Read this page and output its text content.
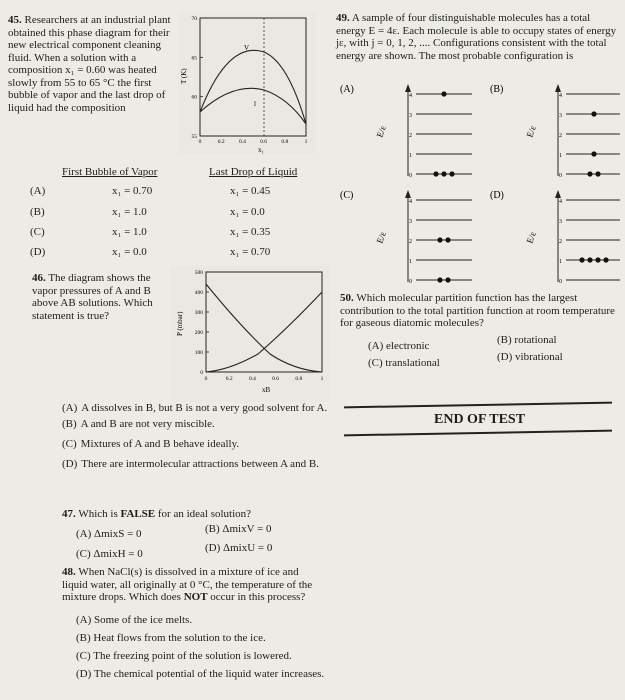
45. Researchers at an industrial plant obtained this phase diagram for their new electrical component cleaning fluid. When a solution with a composition x₁ = 0.60 was heated slowly from 55 to 65 °C the first bubble of vapor and the last drop of liquid had the composition
70
65
60
55
0	0.2	0.4	0.6	0.8	1
V
l
T (K)
x₁
First Bubble of Vapor	Last Drop of Liquid
(A)	x₁ = 0.70	x₁ = 0.45
(B)	x₁ = 1.0	x₁ = 0.0
(C)	x₁ = 1.0	x₁ = 0.35
(D)	x₁ = 0.0	x₁ = 0.70
46. The diagram shows the vapor pressures of A and B above AB solutions. Which statement is true?
500
400
300
200
100
0
0	0.2	0.4	0.6	0.8	1
P (mbar)
xΒ
(A) A dissolves in B, but B is not a very good solvent for A.
(B) A and B are not very miscible.
(C) Mixtures of A and B behave ideally.
(D) There are intermolecular attractions between A and B.
47. Which is FALSE for an ideal solution?
(A) ΔmixS = 0	(B) ΔmixV = 0
(C) ΔmixH = 0	(D) ΔmixU = 0
48. When NaCl(s) is dissolved in a mixture of ice and liquid water, all originally at 0 °C, the temperature of the mixture drops. Which does NOT occur in this process?
(A) Some of the ice melts.
(B) Heat flows from the solution to the ice.
(C) The freezing point of the solution is lowered.
(D) The chemical potential of the liquid water increases.
49. A sample of four distinguishable molecules has a total energy E = 4ε. Each molecule is able to occupy states of energy jε, with j = 0, 1, 2, .... Configurations consistent with the total energy are shown. The most probable configuration is
(A)
E/ε
4
3
2
1
0
(B)
E/ε
4
3
2
1
0
(C)
E/ε
4
3
2
1
0
(D)
E/ε
4
3
2
1
0
50. Which molecular partition function has the largest contribution to the total partition function at room temperature for gaseous diatomic molecules?
(A) electronic	(B) rotational
(C) translational	(D) vibrational
END OF TEST
